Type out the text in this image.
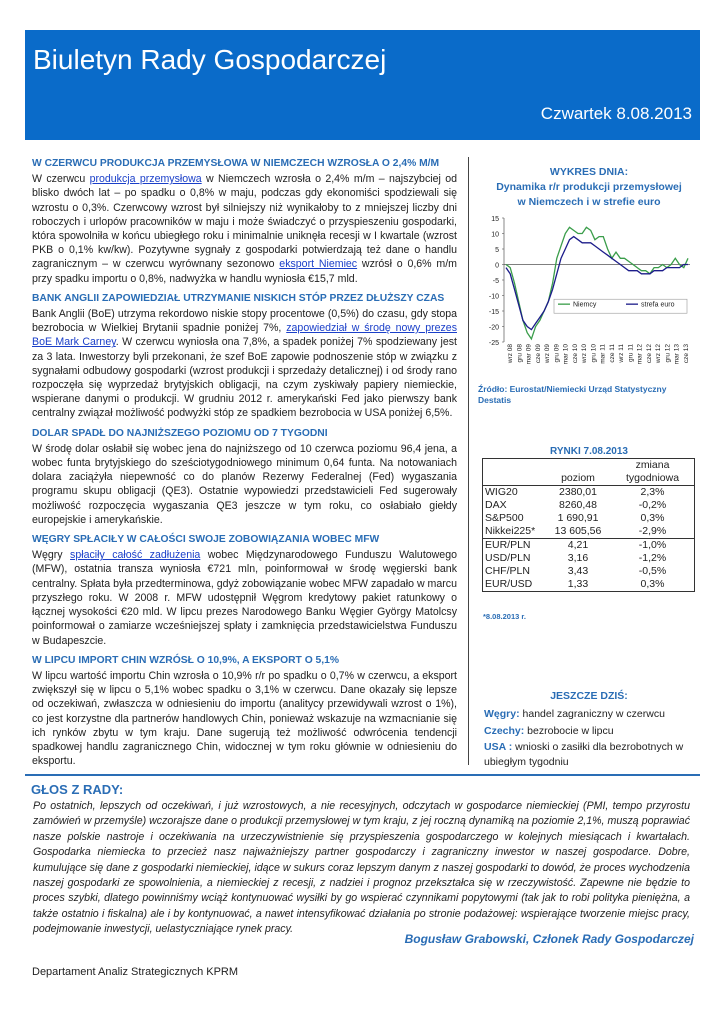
Biuletyn Rady Gospodarczej
Czwartek 8.08.2013
W CZERWCU PRODUKCJA PRZEMYSŁOWA W NIEMCZECH WZROSŁA O 2,4% M/M

W czerwcu produkcja przemysłowa w Niemczech wzrosła o 2,4% m/m – najszybciej od blisko dwóch lat – po spadku o 0,8% w maju, podczas gdy ekonomiści spodziewali się wzrostu o 0,3%. Czerwcowy wzrost był silniejszy niż wynikałoby to z mniejszej liczby dni roboczych i urlopów pracowników w maju i może świadczyć o przyspieszeniu gospodarki, która spowolniła w końcu ubiegłego roku i minimalnie uniknęła recesji w I kwartale (wzrost PKB o 0,1% kw/kw). Pozytywne sygnały z gospodarki potwierdzają też dane o handlu zagranicznym – w czerwcu wyrównany sezonowo eksport Niemiec wzrósł o 0,6% m/m przy spadku importu o 0,8%, nadwyżka w handlu wyniosła €15,7 mld.

BANK ANGLII ZAPOWIEDZIAŁ UTRZYMANIE NISKICH STÓP PRZEZ DŁUŻSZY CZAS

Bank Anglii (BoE) utrzyma rekordowo niskie stopy procentowe (0,5%) do czasu, gdy stopa bezrobocia w Wielkiej Brytanii spadnie poniżej 7%, zapowiedział w środę nowy prezes BoE Mark Carney. W czerwcu wyniosła ona 7,8%, a spadek poniżej 7% spodziewany jest za 3 lata. Inwestorzy byli przekonani, że szef BoE zapowie podnoszenie stóp w związku z sygnałami odbudowy gospodarki (wzrost produkcji i sprzedaży detalicznej) i od środy rano rozpoczęła się wyprzedaż brytyjskich obligacji, na czym zyskiwały papiery niemieckie, wspierane danymi o produkcji. W grudniu 2012 r. amerykański Fed jako pierwszy bank centralny związał możliwość podwyżki stóp ze spadkiem bezrobocia w USA poniżej 6,5%.

DOLAR SPADŁ DO NAJNIŻSZEGO POZIOMU OD 7 TYGODNI

W środę dolar osłabił się wobec jena do najniższego od 10 czerwca poziomu 96,4 jena, a wobec funta brytyjskiego do sześciotygodniowego minimum 0,64 funta. Na notowaniach dolara zaciążyła niepewność co do planów Rezerwy Federalnej (Fed) wygaszania programu skupu obligacji (QE3). Ostatnie wypowiedzi przedstawicieli Fed sugerowały możliwość rozpoczęcia wygaszania QE3 jeszcze w tym roku, co osłabiało giełdy europejskie i amerykańskie.

WĘGRY SPŁACIŁY W CAŁOŚCI SWOJE ZOBOWIĄZANIA WOBEC MFW

Węgry spłaciły całość zadłużenia wobec Międzynarodowego Funduszu Walutowego (MFW), ostatnia transza wyniosła €721 mln, poinformował w środę węgierski bank centralny. Spłata była przedterminowa, gdyż zobowiązanie wobec MFW zapadało w marcu przyszłego roku. W 2008 r. MFW udostępnił Węgrom kredytowy pakiet ratunkowy o łącznej wysokości €20 mld. W lipcu prezes Narodowego Banku Węgier György Matolcsy poinformował o zamiarze wcześniejszej spłaty i zamknięcia przedstawicielstwa Funduszu w Budapeszcie.

W LIPCU IMPORT CHIN WZRÓSŁ O 10,9%, A EKSPORT O 5,1%

W lipcu wartość importu Chin wzrosła o 10,9% r/r po spadku o 0,7% w czerwcu, a eksport zwiększył się w lipcu o 5,1% wobec spadku o 3,1% w czerwcu. Dane okazały się lepsze od oczekiwań, zwłaszcza w odniesieniu do importu (analitycy przewidywali wzrost o 1%), co jest korzystne dla partnerów handlowych Chin, ponieważ wskazuje na wzmacnianie się ich rynków zbytu w tym kraju. Dane sugerują też możliwość odwrócenia tendencji spadkowej handlu zagranicznego Chin, widocznej w tym roku głównie w odniesieniu do eksportu.

WYKRES DNIA:
Dynamika r/r produkcji przemysłowej
w Niemczech i w strefie euro
15
10
5
0
-5
-10
-15
-20
-25
wrz 08 gru 08 mar 09 cze 09 wrz 09 gru 09 mar 10 cze 10 wrz 10 gru 10 mar 11 cze 11 wrz 11 gru 11 mar 12 cze 12 wrz 12 gru 12 mar 13 cze 13
Niemcy	strefa euro
Źródło: Eurostat/Niemiecki Urząd Statystyczny Destatis
RYNKI 7.08.2013
	poziom	zmiana tygodniowa
WIG20	2380,01	2,3%
DAX	8260,48	-0,2%
S&P500	1 690,91	0,3%
Nikkei225*	13 605,56	-2,9%
EUR/PLN	4,21	-1,0%
USD/PLN	3,16	-1,2%
CHF/PLN	3,43	-0,5%
EUR/USD	1,33	0,3%
*8.08.2013 r.
JESZCZE DZIŚ:
Węgry: handel zagraniczny w czerwcu
Czechy: bezrobocie w lipcu
USA : wnioski o zasiłki dla bezrobotnych w ubiegłym tygodniu
GŁOS Z RADY:

Po ostatnich, lepszych od oczekiwań, i już wzrostowych, a nie recesyjnych, odczytach w gospodarce niemieckiej (PMI, tempo przyrostu zamówień w przemyśle) wczorajsze dane o produkcji przemysłowej w tym kraju, z jej roczną dynamiką na poziomie 2,1%, muszą poprawiać nasze polskie nastroje i oczekiwania na urzeczywistnienie się przyspieszenia gospodarczego w kolejnych miesiącach i kwartałach. Gospodarka niemiecka to przecież nasz najważniejszy partner gospodarczy i zagraniczny inwestor w naszej gospodarce. Dobre, kumulujące się dane z gospodarki niemieckiej, idące w sukurs coraz lepszym danym z naszej gospodarki to dowód, że proces wychodzenia naszej gospodarki ze spowolnienia, a niemieckiej z recesji, z nadziei i prognoz przekształca się w rzeczywistość. Zapewne nie będzie to proces szybki, dlatego powinniśmy wciąż kontynuować wysiłki by go wspierać czynnikami popytowymi (tak jak to robi polityka pieniężna, a także ostatnio i fiskalna) ale i by kontynuować, a nawet intensyfikować działania po stronie podażowej: wspierające tworzenie miejsc pracy, podejmowanie inwestycji, uelastyczniające rynek pracy.

Bogusław Grabowski, Członek Rady Gospodarczej
Departament Analiz Strategicznych KPRM
